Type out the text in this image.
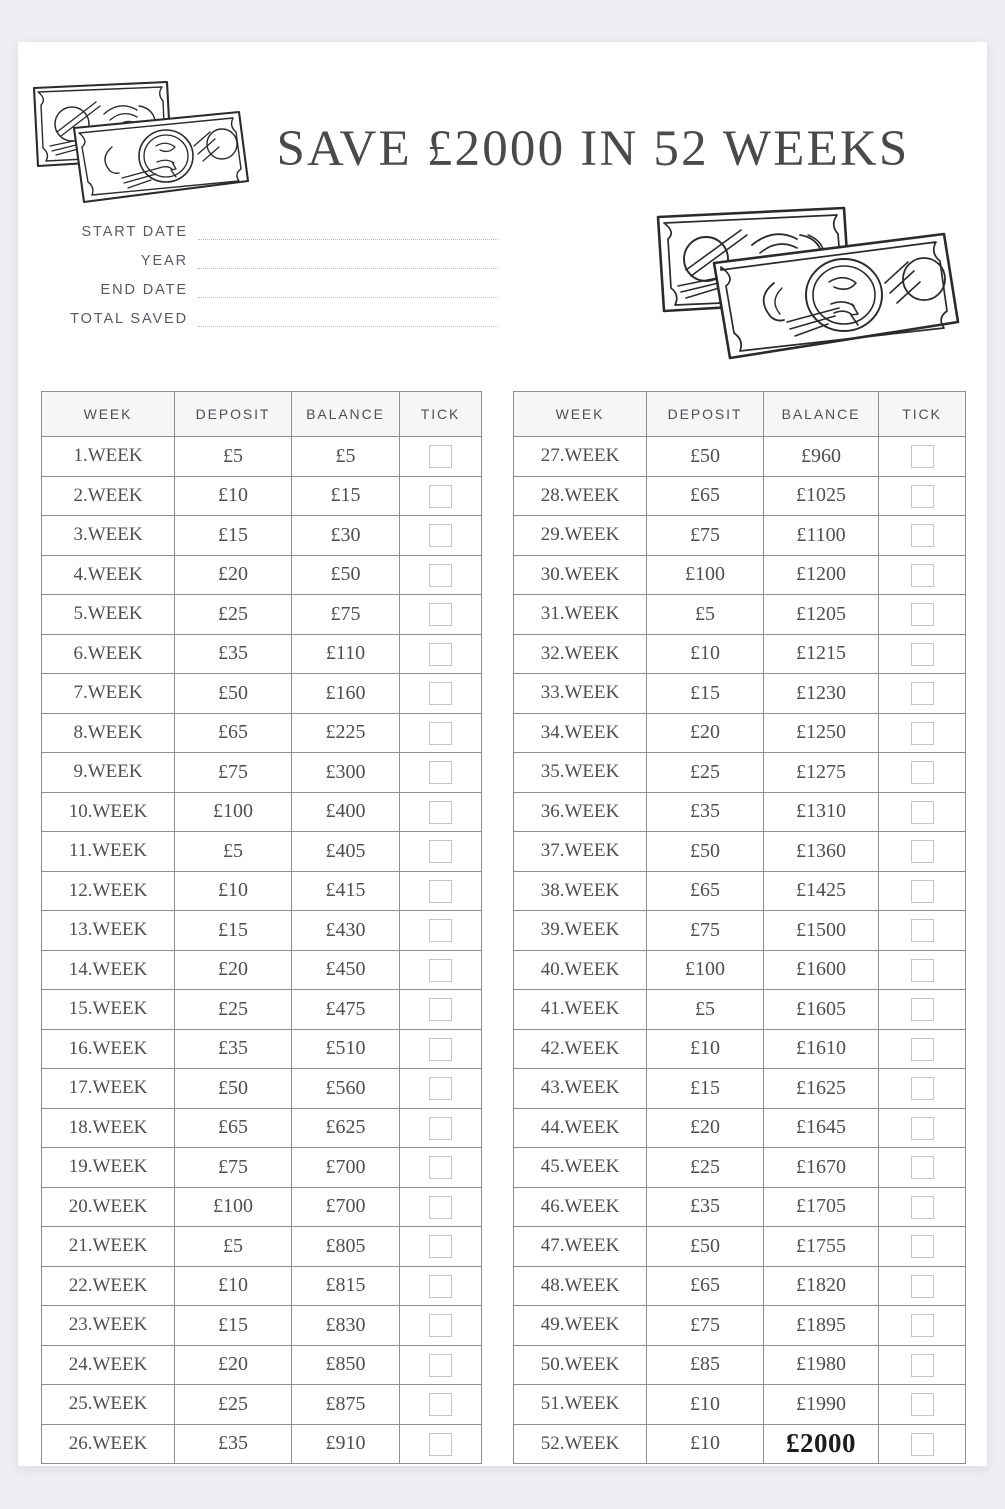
SAVE £2000 IN 52 WEEKS
START DATE
YEAR
END DATE
TOTAL SAVED
WEEK	DEPOSIT	BALANCE	TICK
1.WEEK	£5	£5	
2.WEEK	£10	£15	
3.WEEK	£15	£30	
4.WEEK	£20	£50	
5.WEEK	£25	£75	
6.WEEK	£35	£110	
7.WEEK	£50	£160	
8.WEEK	£65	£225	
9.WEEK	£75	£300	
10.WEEK	£100	£400	
11.WEEK	£5	£405	
12.WEEK	£10	£415	
13.WEEK	£15	£430	
14.WEEK	£20	£450	
15.WEEK	£25	£475	
16.WEEK	£35	£510	
17.WEEK	£50	£560	
18.WEEK	£65	£625	
19.WEEK	£75	£700	
20.WEEK	£100	£700	
21.WEEK	£5	£805	
22.WEEK	£10	£815	
23.WEEK	£15	£830	
24.WEEK	£20	£850	
25.WEEK	£25	£875	
26.WEEK	£35	£910	
WEEK	DEPOSIT	BALANCE	TICK
27.WEEK	£50	£960	
28.WEEK	£65	£1025	
29.WEEK	£75	£1100	
30.WEEK	£100	£1200	
31.WEEK	£5	£1205	
32.WEEK	£10	£1215	
33.WEEK	£15	£1230	
34.WEEK	£20	£1250	
35.WEEK	£25	£1275	
36.WEEK	£35	£1310	
37.WEEK	£50	£1360	
38.WEEK	£65	£1425	
39.WEEK	£75	£1500	
40.WEEK	£100	£1600	
41.WEEK	£5	£1605	
42.WEEK	£10	£1610	
43.WEEK	£15	£1625	
44.WEEK	£20	£1645	
45.WEEK	£25	£1670	
46.WEEK	£35	£1705	
47.WEEK	£50	£1755	
48.WEEK	£65	£1820	
49.WEEK	£75	£1895	
50.WEEK	£85	£1980	
51.WEEK	£10	£1990	
52.WEEK	£10	£2000	
